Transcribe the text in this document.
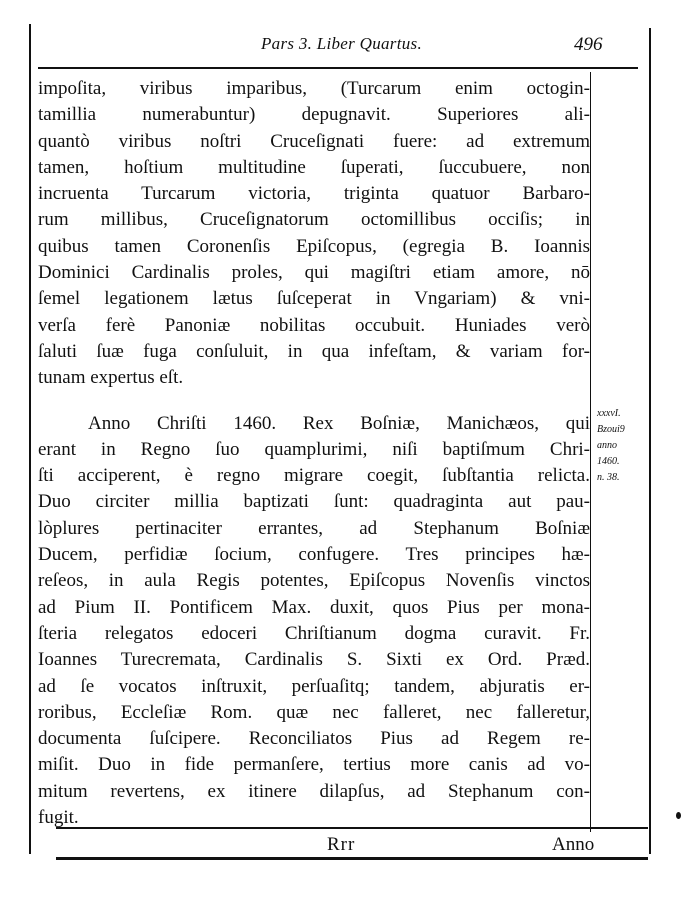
Pars 3. Liber Quartus.	496
impoſita, viribus imparibus, (Turcarum enim octogin-
tamillia numerabuntur) depugnavit. Superiores ali-
quantò viribus noſtri Cruceſignati fuere: ad extremum
tamen, hoſtium multitudine ſuperati, ſuccubuere, non
incruenta Turcarum victoria, triginta quatuor Barbaro-
rum millibus, Cruceſignatorum octomillibus occiſis; in
quibus tamen Coronenſis Epiſcopus, (egregia B. Ioannis
Dominici Cardinalis proles, qui magiſtri etiam amore, nō
ſemel legationem lætus ſuſceperat in Vngariam) & vni-
verſa ferè Panoniæ nobilitas occubuit. Huniades verò
ſaluti ſuæ fuga conſuluit, in qua infeſtam, & variam for-
tunam expertus eſt.
Anno Chriſti 1460. Rex Boſniæ, Manichæos, qui
erant in Regno ſuo quamplurimi, niſi baptiſmum Chri-
ſti acciperent, è regno migrare coegit, ſubſtantia relicta.
Duo circiter millia baptizati ſunt: quadraginta aut pau-
lòplures pertinaciter errantes, ad Stephanum Boſniæ
Ducem, perfidiæ ſocium, confugere. Tres principes hæ-
reſeos, in aula Regis potentes, Epiſcopus Novenſis vinctos
ad Pium II. Pontificem Max. duxit, quos Pius per mona-
ſteria relegatos edoceri Chriſtianum dogma curavit. Fr.
Ioannes Turecremata, Cardinalis S. Sixti ex Ord. Præd.
ad ſe vocatos inſtruxit, perſuaſitq; tandem, abjuratis er-
roribus, Eccleſiæ Rom. quæ nec falleret, nec falleretur,
documenta ſuſcipere. Reconciliatos Pius ad Regem re-
miſit. Duo in fide permanſere, tertius more canis ad vo-
mitum revertens, ex itinere dilapſus, ad Stephanum con-
fugit.
xxxvI.
Bzoui9
anno
1460.
n. 38.
Rrr	Anno
